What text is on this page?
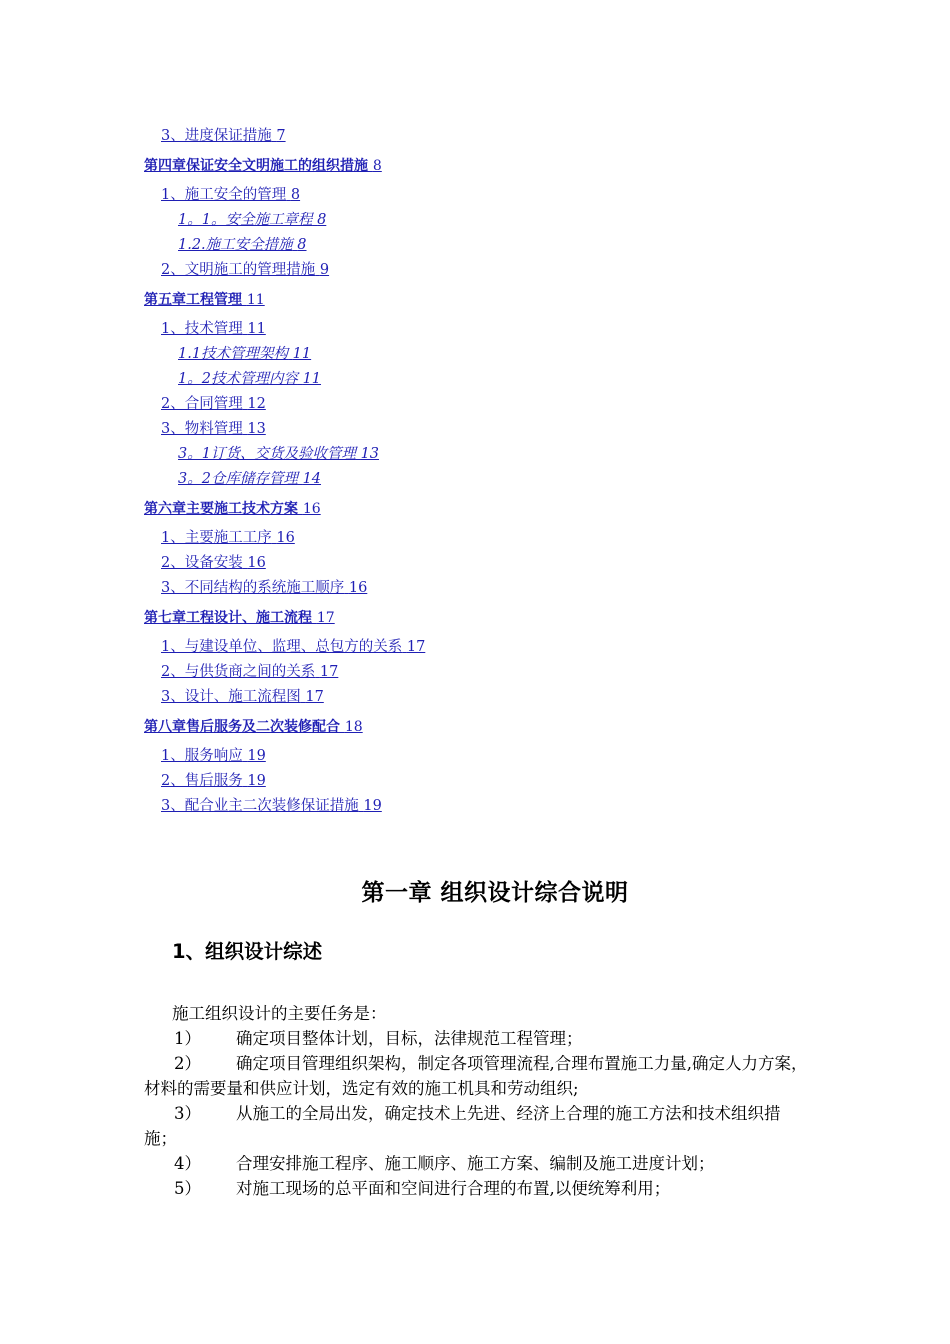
3、进度保证措施 7
第四章保证安全文明施工的组织措施 8
1、施工安全的管理 8
1。1。安全施工章程 8
1.2.施工安全措施 8
2、文明施工的管理措施 9
第五章工程管理 11
1、技术管理 11
1.1技术管理架构 11
1。2技术管理内容 11
2、合同管理 12
3、物料管理 13
3。1订货、交货及验收管理 13
3。2仓库储存管理 14
第六章主要施工技术方案 16
1、主要施工工序 16
2、设备安装 16
3、不同结构的系统施工顺序 16
第七章工程设计、施工流程 17
1、与建设单位、监理、总包方的关系 17
2、与供货商之间的关系 17
3、设计、施工流程图 17
第八章售后服务及二次装修配合 18
1、服务响应 19
2、售后服务 19
3、配合业主二次装修保证措施 19
第一章 组织设计综合说明
1、组织设计综述

施工组织设计的主要任务是：

1） 确定项目整体计划，目标，法律规范工程管理；

2） 确定项目管理组织架构，制定各项管理流程,合理布置施工力量,确定人力方案，材料的需要量和供应计划，选定有效的施工机具和劳动组织;

3） 从施工的全局出发，确定技术上先进、经济上合理的施工方法和技术组织措施；

4） 合理安排施工程序、施工顺序、施工方案、编制及施工进度计划；

5） 对施工现场的总平面和空间进行合理的布置,以便统筹利用；
